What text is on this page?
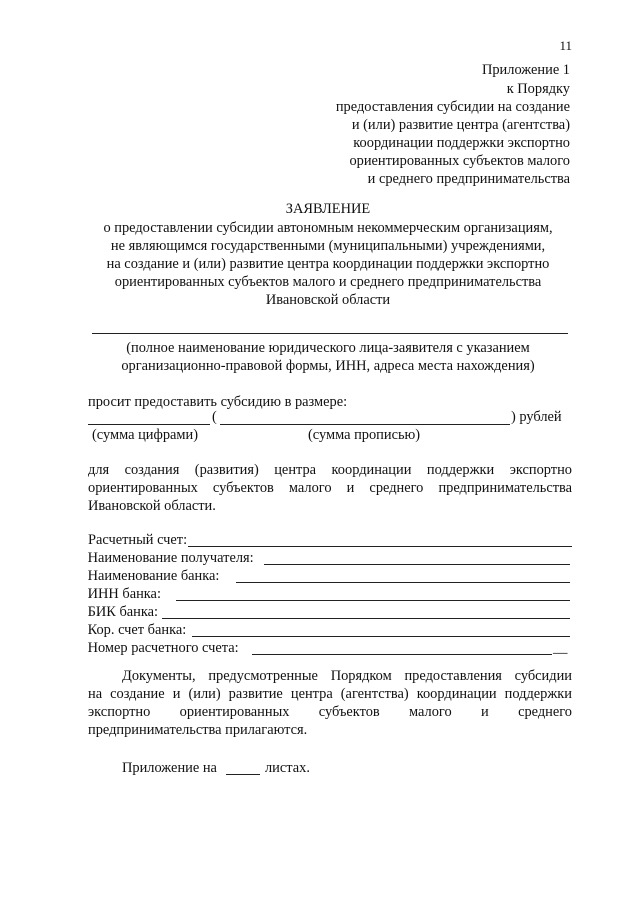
11
Приложение 1
к Порядку
предоставления субсидии на создание
и (или) развитие центра (агентства)
координации поддержки экспортно
ориентированных субъектов малого
и среднего предпринимательства
ЗАЯВЛЕНИЕ
о предоставлении субсидии автономным некоммерческим организациям,
не являющимся государственными (муниципальными) учреждениями,
на создание и (или) развитие центра координации поддержки экспортно
ориентированных субъектов малого и среднего предпринимательства
Ивановской области
(полное наименование юридического лица-заявителя с указанием
организационно-правовой формы, ИНН, адреса места нахождения)
просит предоставить субсидию в размере:
(	) рублей
(сумма цифрами)	(сумма прописью)
для создания (развития) центра координации поддержки экспортно
ориентированных субъектов малого и среднего предпринимательства
Ивановской области.
Расчетный счет:
Наименование получателя:
Наименование банка:
ИНН банка:
БИК банка:
Кор. счет банка:
Номер расчетного счета:	__
Документы, предусмотренные Порядком предоставления субсидии
на создание и (или) развитие центра (агентства) координации поддержки
экспортно ориентированных субъектов малого и среднего
предпринимательства прилагаются.
Приложение на	листах.
